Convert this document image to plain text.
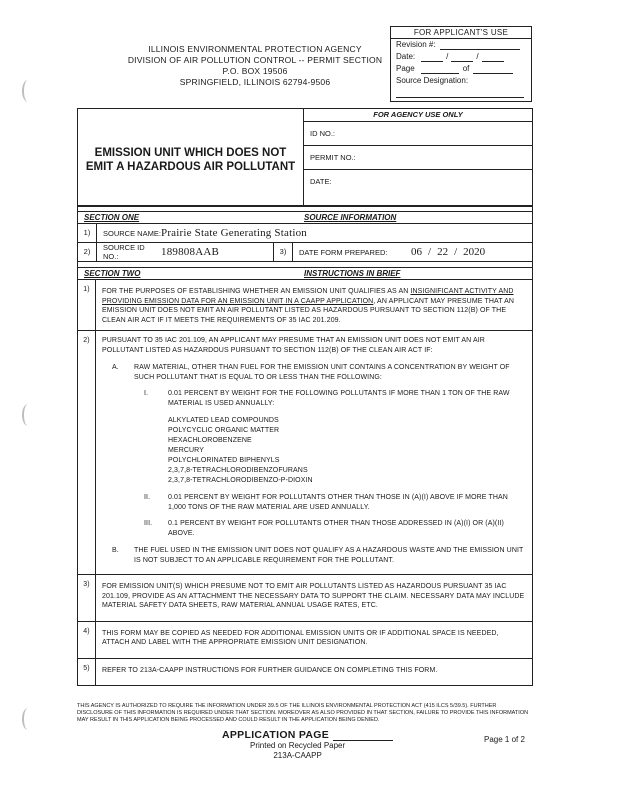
ILLINOIS ENVIRONMENTAL PROTECTION AGENCY
DIVISION OF AIR POLLUTION CONTROL -- PERMIT SECTION
P.O. BOX 19506
SPRINGFIELD, ILLINOIS 62794-9506
FOR APPLICANT'S USE
Revision #:
Date:	/	/
Page	of
Source Designation:
EMISSION UNIT WHICH DOES NOT
EMIT A HAZARDOUS AIR POLLUTANT
FOR AGENCY USE ONLY
ID NO.:
PERMIT NO.:
DATE:
SECTION ONE	SOURCE INFORMATION
1)	SOURCE NAME: Prairie State Generating Station
2)	SOURCE ID NO.:	189808AAB	3)	DATE FORM PREPARED:	06 / 22 / 2020
SECTION TWO	INSTRUCTIONS IN BRIEF
1)	FOR THE PURPOSES OF ESTABLISHING WHETHER AN EMISSION UNIT QUALIFIES AS AN INSIGNIFICANT ACTIVITY AND PROVIDING EMISSION DATA FOR AN EMISSION UNIT IN A CAAPP APPLICATION, AN APPLICANT MAY PRESUME THAT AN EMISSION UNIT DOES NOT EMIT AN AIR POLLUTANT LISTED AS HAZARDOUS PURSUANT TO SECTION 112(B) OF THE CLEAN AIR ACT IF IT MEETS THE REQUIREMENTS OF 35 IAC 201.209.
2)	PURSUANT TO 35 IAC 201.109, AN APPLICANT MAY PRESUME THAT AN EMISSION UNIT DOES NOT EMIT AN AIR POLLUTANT LISTED AS HAZARDOUS PURSUANT TO SECTION 112(B) OF THE CLEAN AIR ACT IF:
A.	RAW MATERIAL, OTHER THAN FUEL FOR THE EMISSION UNIT CONTAINS A CONCENTRATION BY WEIGHT OF SUCH POLLUTANT THAT IS EQUAL TO OR LESS THAN THE FOLLOWING:
I.	0.01 PERCENT BY WEIGHT FOR THE FOLLOWING POLLUTANTS IF MORE THAN 1 TON OF THE RAW MATERIAL IS USED ANNUALLY:
ALKYLATED LEAD COMPOUNDS
POLYCYCLIC ORGANIC MATTER
HEXACHLOROBENZENE
MERCURY
POLYCHLORINATED BIPHENYLS
2,3,7,8-TETRACHLORODIBENZOFURANS
2,3,7,8-TETRACHLORODIBENZO-P-DIOXIN
II.	0.01 PERCENT BY WEIGHT FOR POLLUTANTS OTHER THAN THOSE IN (A)(I) ABOVE IF MORE THAN 1,000 TONS OF THE RAW MATERIAL ARE USED ANNUALLY.
III.	0.1 PERCENT BY WEIGHT FOR POLLUTANTS OTHER THAN THOSE ADDRESSED IN (A)(I) OR (A)(II) ABOVE.
B.	THE FUEL USED IN THE EMISSION UNIT DOES NOT QUALIFY AS A HAZARDOUS WASTE AND THE EMISSION UNIT IS NOT SUBJECT TO AN APPLICABLE REQUIREMENT FOR THE POLLUTANT.
3)	FOR EMISSION UNIT(S) WHICH PRESUME NOT TO EMIT AIR POLLUTANTS LISTED AS HAZARDOUS PURSUANT 35 IAC 201.109, PROVIDE AS AN ATTACHMENT THE NECESSARY DATA TO SUPPORT THE CLAIM. NECESSARY DATA MAY INCLUDE MATERIAL SAFETY DATA SHEETS, RAW MATERIAL ANNUAL USAGE RATES, ETC.
4)	THIS FORM MAY BE COPIED AS NEEDED FOR ADDITIONAL EMISSION UNITS OR IF ADDITIONAL SPACE IS NEEDED, ATTACH AND LABEL WITH THE APPROPRIATE EMISSION UNIT DESIGNATION.
5)	REFER TO 213A-CAAPP INSTRUCTIONS FOR FURTHER GUIDANCE ON COMPLETING THIS FORM.
THIS AGENCY IS AUTHORIZED TO REQUIRE THE INFORMATION UNDER 39.5 OF THE ILLINOIS ENVIRONMENTAL PROTECTION ACT (415 ILCS 5/39.5). FURTHER DISCLOSURE OF THIS INFORMATION IS REQUIRED UNDER THAT SECTION. MOREOVER AS ALSO PROVIDED IN THAT SECTION, FAILURE TO PROVIDE THIS INFORMATION MAY RESULT IN THIS APPLICATION BEING PROCESSED AND COULD RESULT IN THE APPLICATION BEING DENIED.
APPLICATION PAGE	Page 1 of 2
Printed on Recycled Paper
213A-CAAPP
